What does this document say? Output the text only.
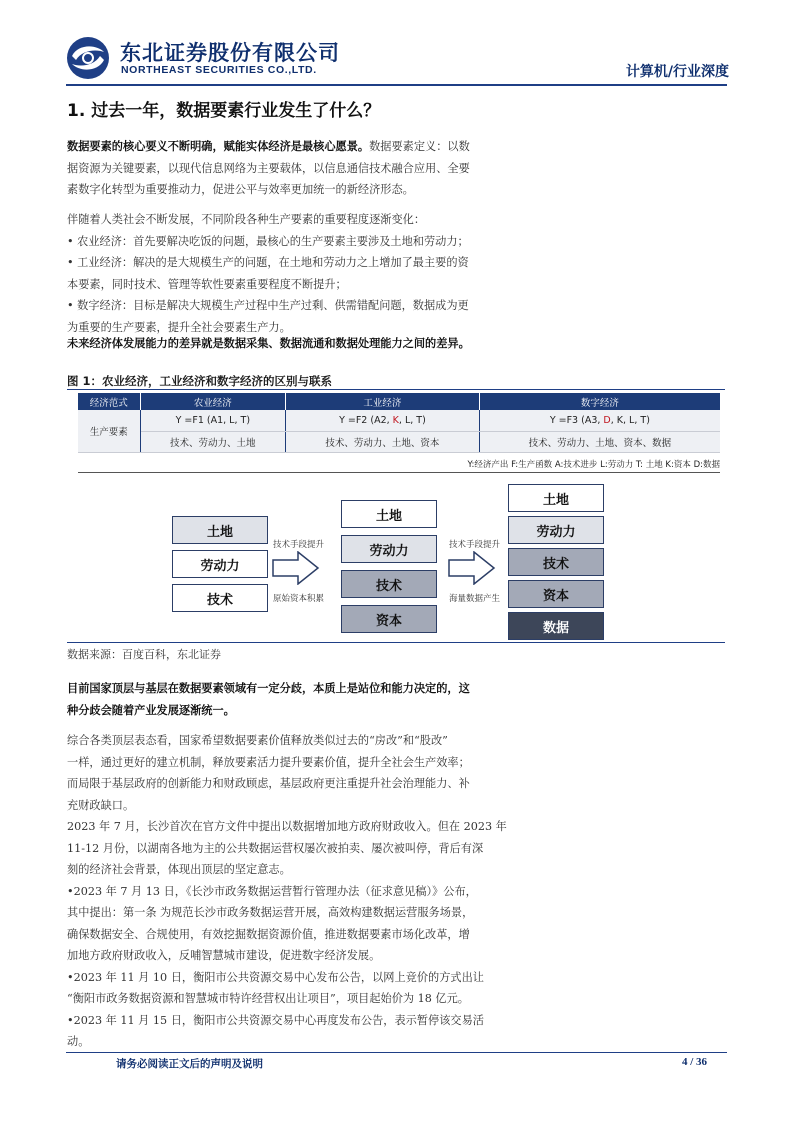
东北证券股份有限公司
NORTHEAST SECURITIES CO.,LTD.	计算机/行业深度
1. 过去一年，数据要素行业发生了什么？
数据要素的核心要义不断明确，赋能实体经济是最核心愿景。数据要素定义：以数
据资源为关键要素，以现代信息网络为主要载体，以信息通信技术融合应用、全要
素数字化转型为重要推动力，促进公平与效率更加统一的新经济形态。
伴随着人类社会不断发展，不同阶段各种生产要素的重要程度逐渐变化：
• 农业经济：首先要解决吃饭的问题，最核心的生产要素主要涉及土地和劳动力；
• 工业经济：解决的是大规模生产的问题，在土地和劳动力之上增加了最主要的资
本要素，同时技术、管理等软性要素重要程度不断提升；
• 数字经济：目标是解决大规模生产过程中生产过剩、供需错配问题，数据成为更
为重要的生产要素，提升全社会要素生产力。
未来经济体发展能力的差异就是数据采集、数据流通和数据处理能力之间的差异。
图 1：农业经济，工业经济和数字经济的区别与联系
经济范式	农业经济	工业经济	数字经济
生产要素	Y =F1 (A1, L, T)	Y =F2 (A2, K, L, T)	Y =F3 (A3, D, K, L, T)
	技术、劳动力、土地	技术、劳动力、土地、资本	技术、劳动力、土地、资本、数据
Y:经济产出 F:生产函数 A:技术进步 L:劳动力 T: 土地 K:资本 D:数据
土地
劳动力
技术
技术手段提升
原始资本积累
土地
劳动力
技术
资本
技术手段提升
海量数据产生
土地
劳动力
技术
资本
数据
数据来源：百度百科，东北证券
目前国家顶层与基层在数据要素领域有一定分歧，本质上是站位和能力决定的，这
种分歧会随着产业发展逐渐统一。
综合各类顶层表态看，国家希望数据要素价值释放类似过去的“房改”和“股改”
一样，通过更好的建立机制，释放要素活力提升要素价值，提升全社会生产效率；
而局限于基层政府的创新能力和财政顾虑，基层政府更注重提升社会治理能力、补
充财政缺口。
2023 年 7 月，长沙首次在官方文件中提出以数据增加地方政府财政收入。但在 2023 年
11-12 月份，以湖南各地为主的公共数据运营权屡次被拍卖、屡次被叫停，背后有深
刻的经济社会背景，体现出顶层的坚定意志。
•2023 年 7 月 13 日，《长沙市政务数据运营暂行管理办法（征求意见稿）》公布，
其中提出：第一条 为规范长沙市政务数据运营开展，高效构建数据运营服务场景，
确保数据安全、合规使用，有效挖掘数据资源价值，推进数据要素市场化改革，增
加地方政府财政收入，反哺智慧城市建设，促进数字经济发展。
•2023 年 11 月 10 日，衡阳市公共资源交易中心发布公告，以网上竞价的方式出让
“衡阳市政务数据资源和智慧城市特许经营权出让项目”，项目起始价为 18 亿元。
•2023 年 11 月 15 日，衡阳市公共资源交易中心再度发布公告，表示暂停该交易活
动。
请务必阅读正文后的声明及说明	4 / 36
